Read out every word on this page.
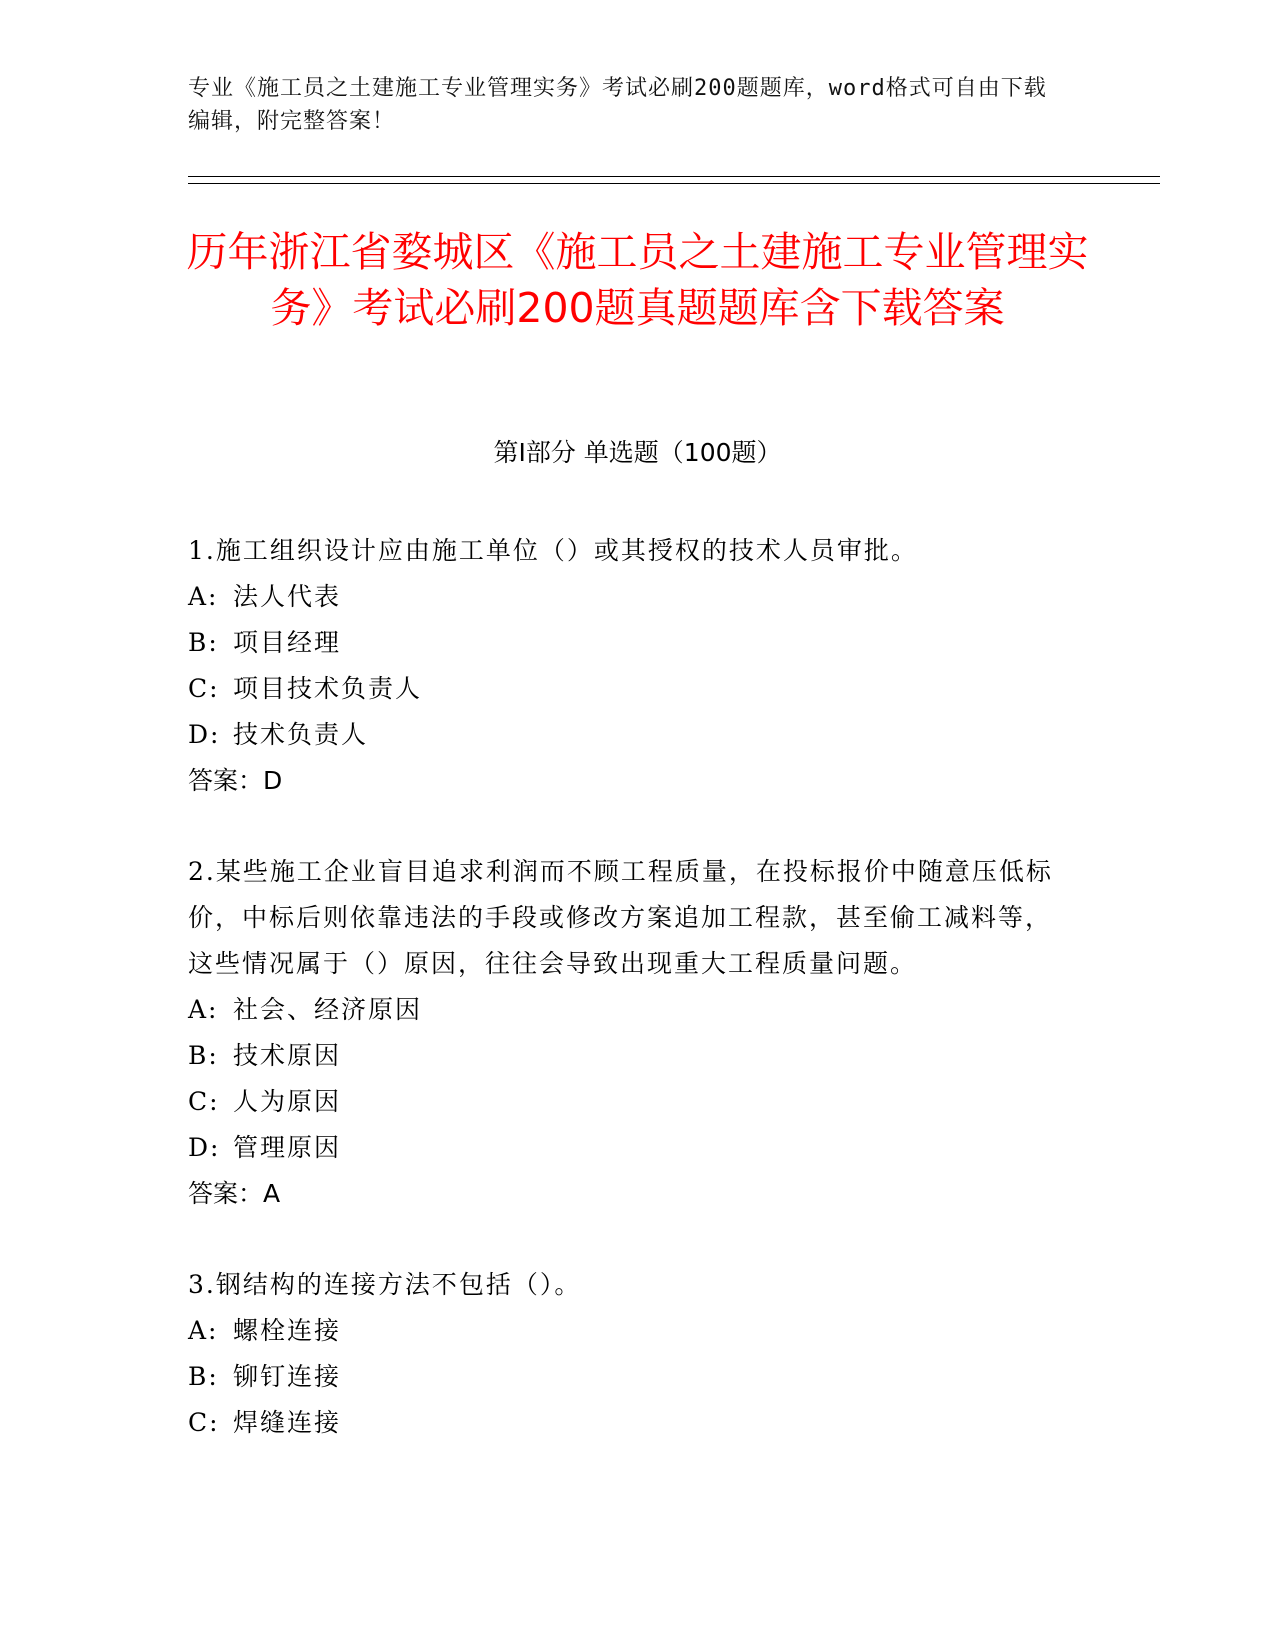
专业《施工员之土建施工专业管理实务》考试必刷200题题库，word格式可自由下载编辑，附完整答案！
历年浙江省婺城区《施工员之土建施工专业管理实务》考试必刷200题真题题库含下载答案
第Ⅰ部分 单选题（100题）

1.施工组织设计应由施工单位（）或其授权的技术人员审批。

A: 法人代表

B: 项目经理

C: 项目技术负责人

D: 技术负责人

答案：D

2.某些施工企业盲目追求利润而不顾工程质量，在投标报价中随意压低标价，中标后则依靠违法的手段或修改方案追加工程款，甚至偷工减料等，这些情况属于（）原因，往往会导致出现重大工程质量问题。

A: 社会、经济原因

B: 技术原因

C: 人为原因

D: 管理原因

答案：A

3.钢结构的连接方法不包括（）。

A: 螺栓连接

B: 铆钉连接

C: 焊缝连接
